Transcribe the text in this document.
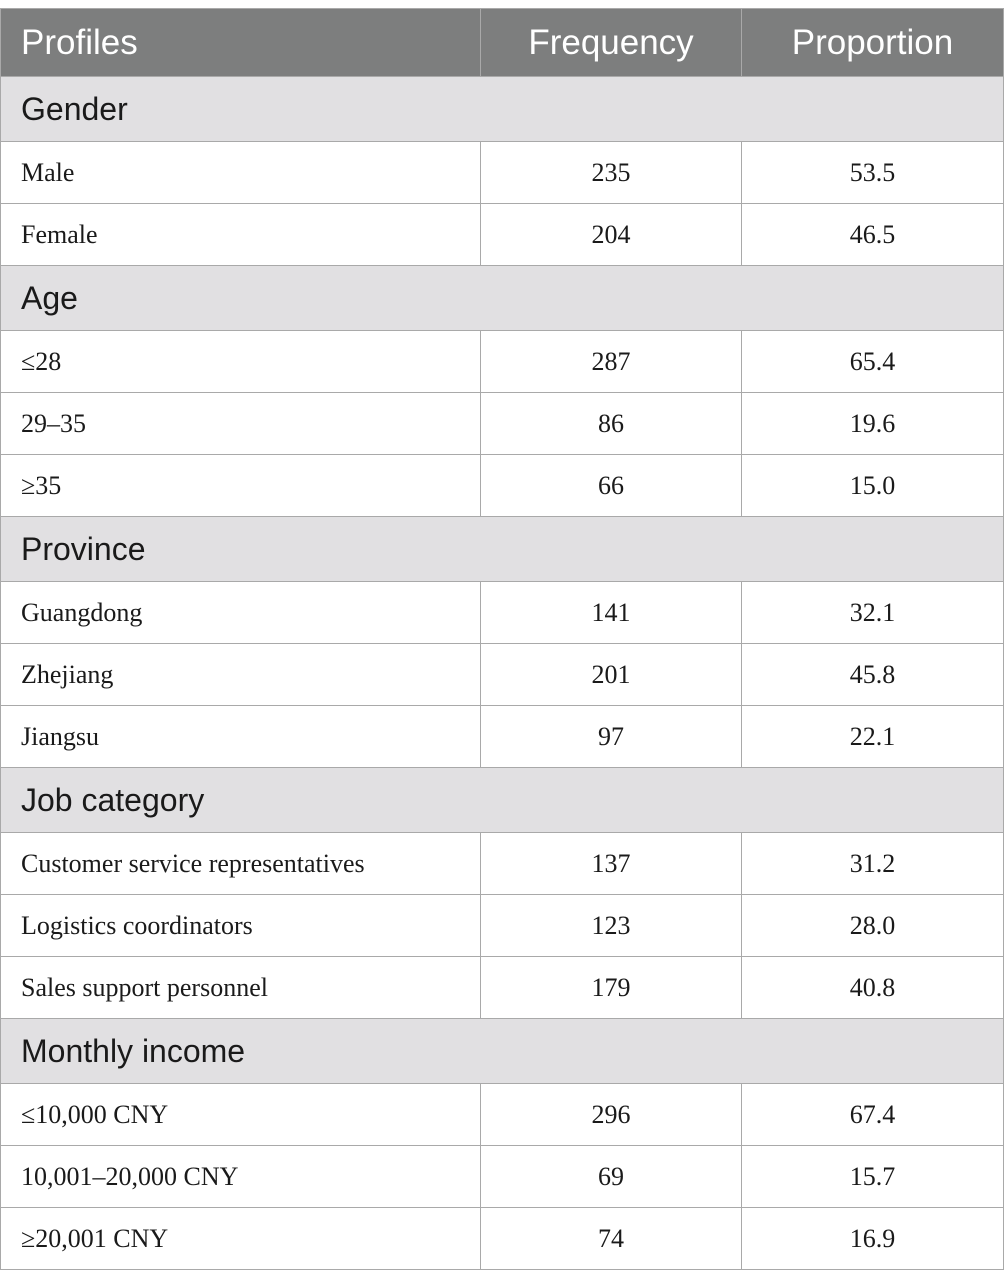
Profiles	Frequency	Proportion
Gender		
Male	235	53.5
Female	204	46.5
Age		
≤28	287	65.4
29–35	86	19.6
≥35	66	15.0
Province		
Guangdong	141	32.1
Zhejiang	201	45.8
Jiangsu	97	22.1
Job category		
Customer service representatives	137	31.2
Logistics coordinators	123	28.0
Sales support personnel	179	40.8
Monthly income		
≤10,000 CNY	296	67.4
10,001–20,000 CNY	69	15.7
≥20,001 CNY	74	16.9
